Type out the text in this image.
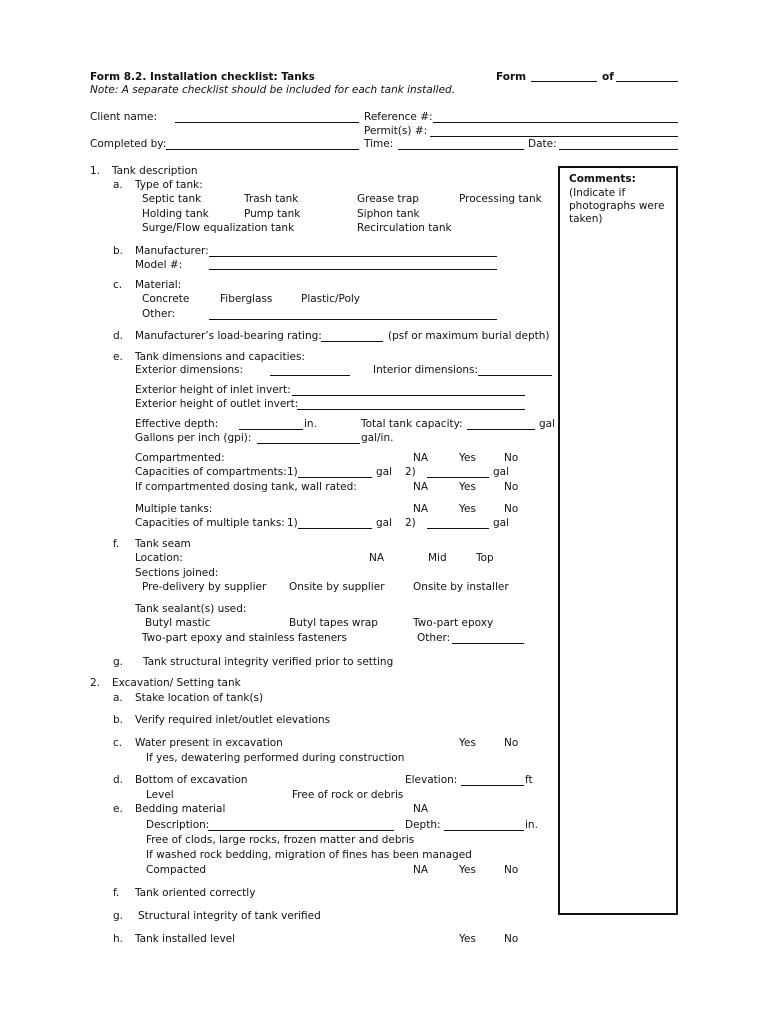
Form 8.2. Installation checklist: Tanks	Form	of
Note: A separate checklist should be included for each tank installed.
Client name:	Reference #:
Permit(s) #:
Completed by:	Time:	Date:
Comments:
(Indicate if
photographs were
taken)
1. Tank description
a. Type of tank:
Septic tank	Trash tank	Grease trap	Processing tank
Holding tank	Pump tank	Siphon tank
Surge/Flow equalization tank	Recirculation tank
b. Manufacturer:
Model #:
c. Material:
Concrete	Fiberglass	Plastic/Poly
Other:
d. Manufacturer’s load-bearing rating:	(psf or maximum burial depth)
e. Tank dimensions and capacities:
Exterior dimensions:	Interior dimensions:
Exterior height of inlet invert:
Exterior height of outlet invert:
Effective depth:	in.	Total tank capacity:	gal
Gallons per inch (gpi):	gal/in.
Compartmented:	NA	Yes	No
Capacities of compartments: 1)	gal 2)	gal
If compartmented dosing tank, wall rated:	NA	Yes	No
Multiple tanks:	NA	Yes	No
Capacities of multiple tanks: 1)	gal 2)	gal
f. Tank seam
Location:	NA	Mid	Top
Sections joined:
Pre-delivery by supplier Onsite by supplier	Onsite by installer
Tank sealant(s) used:
Butyl mastic	Butyl tapes wrap	Two-part epoxy
Two-part epoxy and stainless fasteners	Other:
g. Tank structural integrity verified prior to setting
2. Excavation/ Setting tank
a. Stake location of tank(s)
b. Verify required inlet/outlet elevations
c. Water present in excavation	Yes	No
If yes, dewatering performed during construction
d. Bottom of excavation	Elevation:	ft
Level	Free of rock or debris
e. Bedding material	NA
Description:	Depth:	in.
Free of clods, large rocks, frozen matter and debris
If washed rock bedding, migration of fines has been managed
Compacted	NA	Yes	No
f. Tank oriented correctly
g. Structural integrity of tank verified
h. Tank installed level	Yes	No
